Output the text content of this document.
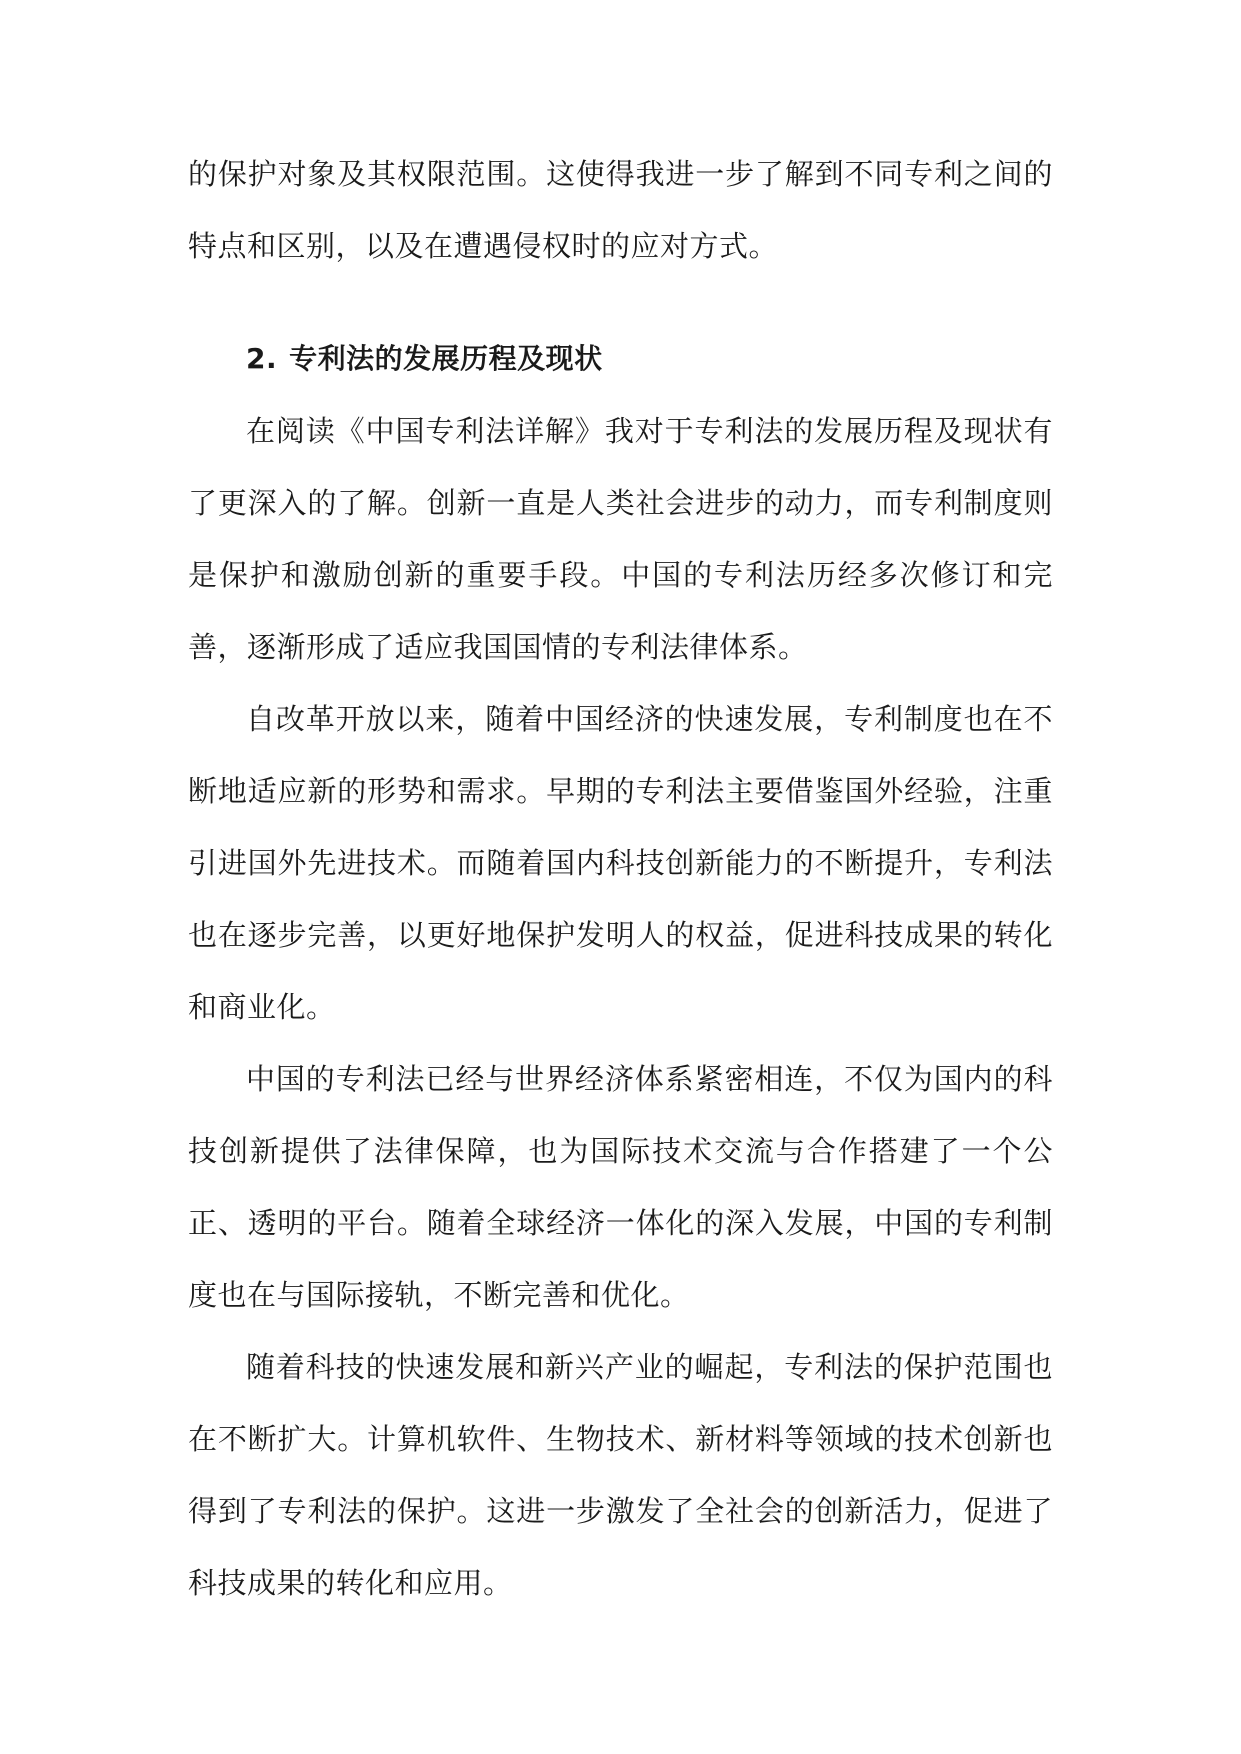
的保护对象及其权限范围。这使得我进一步了解到不同专利之间的特点和区别，以及在遭遇侵权时的应对方式。

2. 专利法的发展历程及现状

在阅读《中国专利法详解》我对于专利法的发展历程及现状有了更深入的了解。创新一直是人类社会进步的动力，而专利制度则是保护和激励创新的重要手段。中国的专利法历经多次修订和完善，逐渐形成了适应我国国情的专利法律体系。

自改革开放以来，随着中国经济的快速发展，专利制度也在不断地适应新的形势和需求。早期的专利法主要借鉴国外经验，注重引进国外先进技术。而随着国内科技创新能力的不断提升，专利法也在逐步完善，以更好地保护发明人的权益，促进科技成果的转化和商业化。

中国的专利法已经与世界经济体系紧密相连，不仅为国内的科技创新提供了法律保障，也为国际技术交流与合作搭建了一个公正、透明的平台。随着全球经济一体化的深入发展，中国的专利制度也在与国际接轨，不断完善和优化。

随着科技的快速发展和新兴产业的崛起，专利法的保护范围也在不断扩大。计算机软件、生物技术、新材料等领域的技术创新也得到了专利法的保护。这进一步激发了全社会的创新活力，促进了科技成果的转化和应用。
